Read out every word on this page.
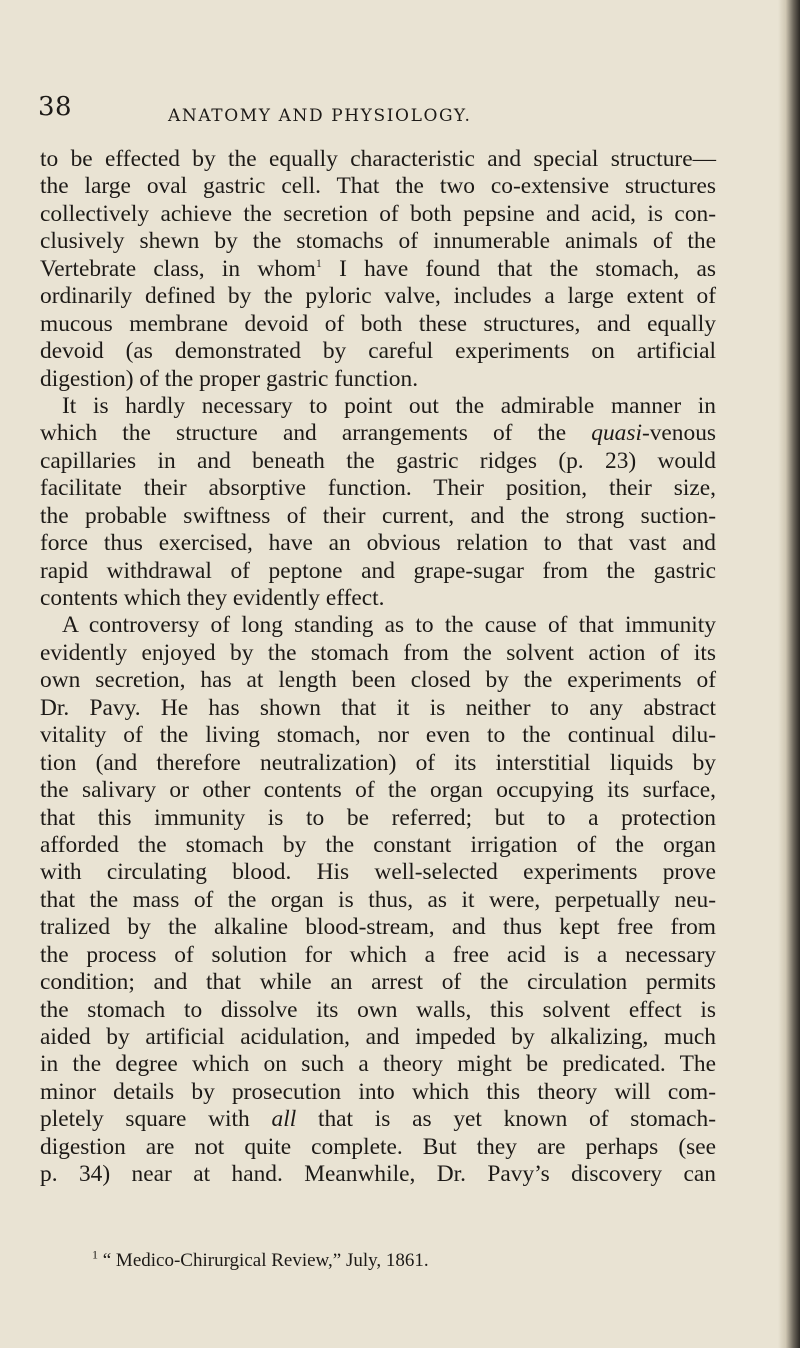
38	ANATOMY AND PHYSIOLOGY.
to be effected by the equally characteristic and special structure—
the large oval gastric cell. That the two co-extensive structures
collectively achieve the secretion of both pepsine and acid, is con-
clusively shewn by the stomachs of innumerable animals of the
Vertebrate class, in whom$^1$ I have found that the stomach, as
ordinarily defined by the pyloric valve, includes a large extent of
mucous membrane devoid of both these structures, and equally
devoid (as demonstrated by careful experiments on artificial
digestion) of the proper gastric function.
It is hardly necessary to point out the admirable manner in
which the structure and arrangements of the quasi-venous
capillaries in and beneath the gastric ridges (p. 23) would
facilitate their absorptive function. Their position, their size,
the probable swiftness of their current, and the strong suction-
force thus exercised, have an obvious relation to that vast and
rapid withdrawal of peptone and grape-sugar from the gastric
contents which they evidently effect.
A controversy of long standing as to the cause of that immunity
evidently enjoyed by the stomach from the solvent action of its
own secretion, has at length been closed by the experiments of
Dr. Pavy. He has shown that it is neither to any abstract
vitality of the living stomach, nor even to the continual dilu-
tion (and therefore neutralization) of its interstitial liquids by
the salivary or other contents of the organ occupying its surface,
that this immunity is to be referred; but to a protection
afforded the stomach by the constant irrigation of the organ
with circulating blood. His well-selected experiments prove
that the mass of the organ is thus, as it were, perpetually neu-
tralized by the alkaline blood-stream, and thus kept free from
the process of solution for which a free acid is a necessary
condition; and that while an arrest of the circulation permits
the stomach to dissolve its own walls, this solvent effect is
aided by artificial acidulation, and impeded by alkalizing, much
in the degree which on such a theory might be predicated. The
minor details by prosecution into which this theory will com-
pletely square with all that is as yet known of stomach-
digestion are not quite complete. But they are perhaps (see
p. 34) near at hand. Meanwhile, Dr. Pavy’s discovery can
$^1$ “ Medico-Chirurgical Review,” July, 1861.
